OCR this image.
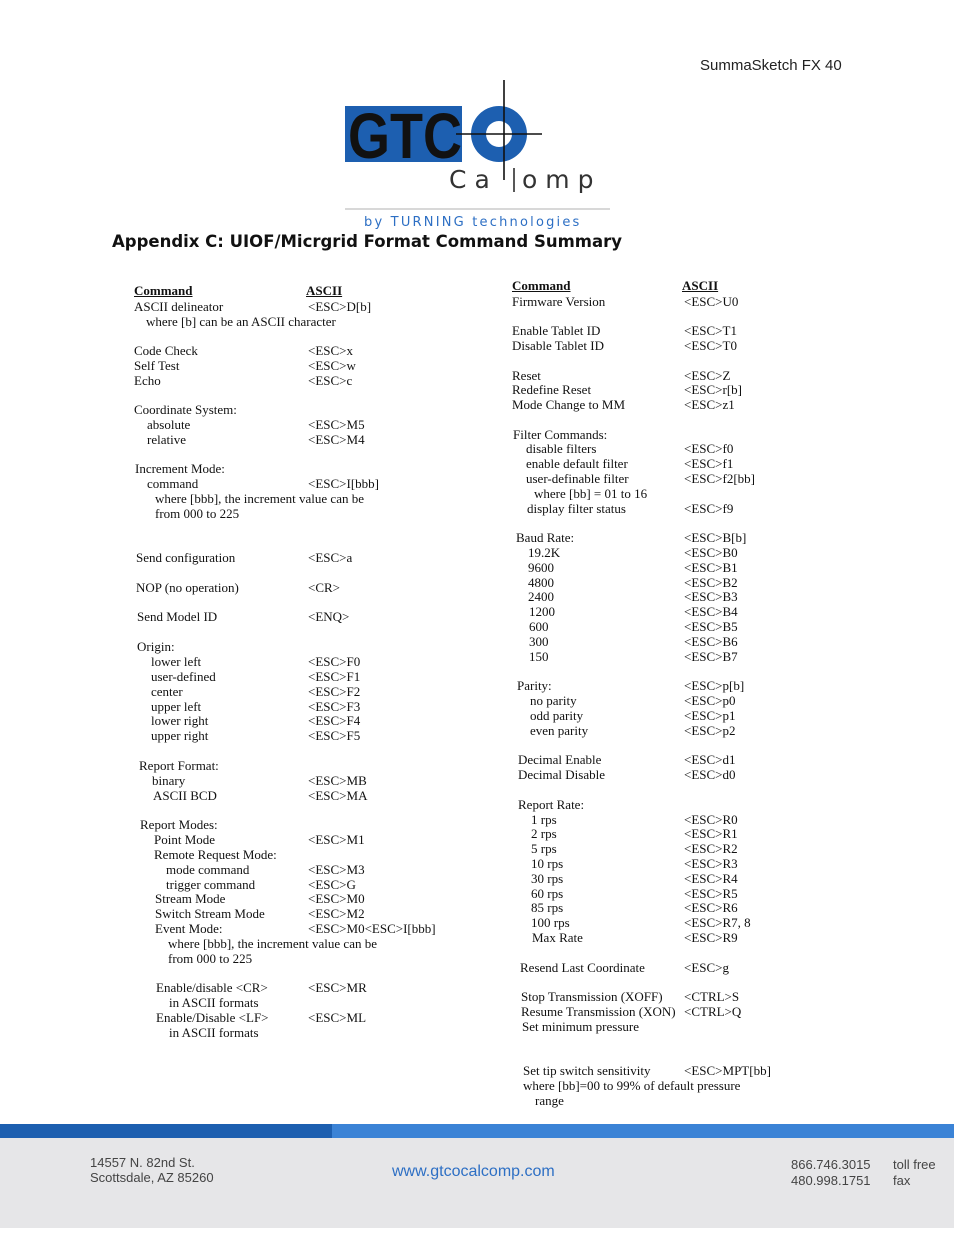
SummaSketch FX 40
GTC
Ca omp
by TURNING technologies
Appendix C: UIOF/Micrgrid Format Command Summary
Command	ASCII
ASCII delineator	<ESC>D[b]
where [b] can be an ASCII character
Code Check	<ESC>x
Self Test	<ESC>w
Echo	<ESC>c
Coordinate System:
absolute	<ESC>M5
relative	<ESC>M4
Increment Mode:
command	<ESC>I[bbb]
where [bbb], the increment value can be
from 000 to 225
Send configuration	<ESC>a
NOP (no operation)	<CR>
Send Model ID	<ENQ>
Origin:
lower left	<ESC>F0
user-defined	<ESC>F1
center	<ESC>F2
upper left	<ESC>F3
lower right	<ESC>F4
upper right	<ESC>F5
Report Format:
binary	<ESC>MB
ASCII BCD	<ESC>MA
Report Modes:
Point Mode	<ESC>M1
Remote Request Mode:
mode command	<ESC>M3
trigger command	<ESC>G
Stream Mode	<ESC>M0
Switch Stream Mode	<ESC>M2
Event Mode:	<ESC>M0<ESC>I[bbb]
where [bbb], the increment value can be
from 000 to 225
Enable/disable <CR>	<ESC>MR
in ASCII formats
Enable/Disable <LF>	<ESC>ML
in ASCII formats
Command	ASCII
Firmware Version	<ESC>U0
Enable Tablet ID	<ESC>T1
Disable Tablet ID	<ESC>T0
Reset	<ESC>Z
Redefine Reset	<ESC>r[b]
Mode Change to MM	<ESC>z1
Filter Commands:
disable filters	<ESC>f0
enable default filter	<ESC>f1
user-definable filter	<ESC>f2[bb]
where [bb] = 01 to 16
display filter status	<ESC>f9
Baud Rate:	<ESC>B[b]
19.2K	<ESC>B0
9600	<ESC>B1
4800	<ESC>B2
2400	<ESC>B3
1200	<ESC>B4
600	<ESC>B5
300	<ESC>B6
150	<ESC>B7
Parity:	<ESC>p[b]
no parity	<ESC>p0
odd parity	<ESC>p1
even parity	<ESC>p2
Decimal Enable	<ESC>d1
Decimal Disable	<ESC>d0
Report Rate:
1 rps	<ESC>R0
2 rps	<ESC>R1
5 rps	<ESC>R2
10 rps	<ESC>R3
30 rps	<ESC>R4
60 rps	<ESC>R5
85 rps	<ESC>R6
100 rps	<ESC>R7, 8
Max Rate	<ESC>R9
Resend Last Coordinate	<ESC>g
Stop Transmission (XOFF) <CTRL>S
Resume Transmission (XON) <CTRL>Q
Set minimum pressure
Set tip switch sensitivity	<ESC>MPT[bb]
where [bb]=00 to 99% of default pressure
range
14557 N. 82nd St.
Scottsdale, AZ 85260	www.gtcocalcomp.com	866.746.3015 toll free
480.998.1751 fax
